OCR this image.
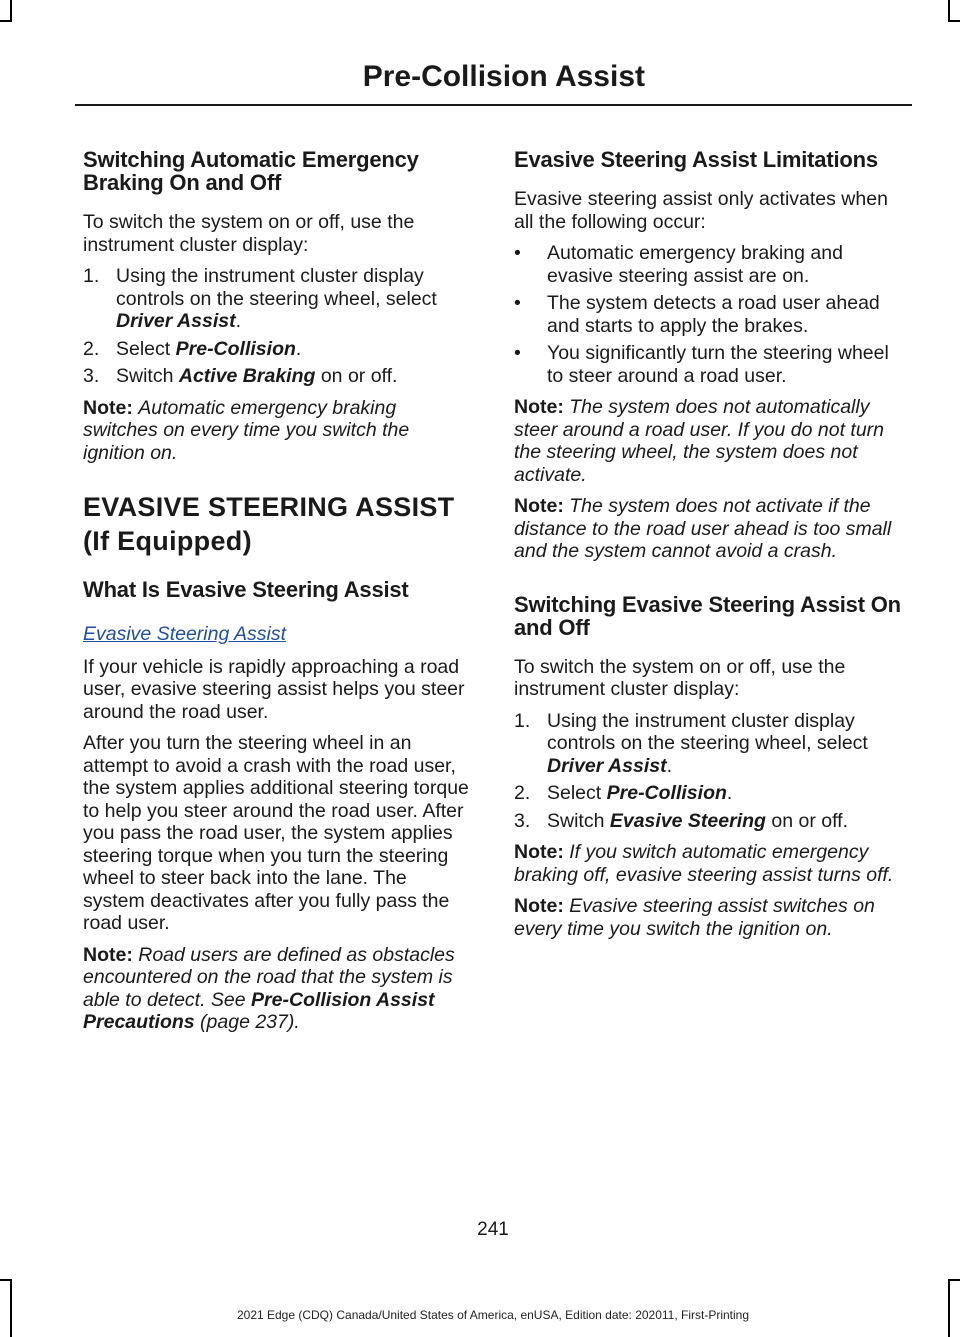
Pre-Collision Assist
Switching Automatic Emergency Braking On and Off

To switch the system on or off, use the instrument cluster display:

1. Using the instrument cluster display controls on the steering wheel, select Driver Assist.
2. Select Pre-Collision.
3. Switch Active Braking on or off.

Note: Automatic emergency braking switches on every time you switch the ignition on.

EVASIVE STEERING ASSIST
(If Equipped)
What Is Evasive Steering Assist

Evasive Steering Assist

If your vehicle is rapidly approaching a road user, evasive steering assist helps you steer around the road user.

After you turn the steering wheel in an attempt to avoid a crash with the road user, the system applies additional steering torque to help you steer around the road user. After you pass the road user, the system applies steering torque when you turn the steering wheel to steer back into the lane. The system deactivates after you fully pass the road user.

Note: Road users are defined as obstacles encountered on the road that the system is able to detect. See Pre-Collision Assist Precautions (page 237).

Evasive Steering Assist Limitations

Evasive steering assist only activates when all the following occur:

• Automatic emergency braking and evasive steering assist are on.
• The system detects a road user ahead and starts to apply the brakes.
• You significantly turn the steering wheel to steer around a road user.

Note: The system does not automatically steer around a road user. If you do not turn the steering wheel, the system does not activate.

Note: The system does not activate if the distance to the road user ahead is too small and the system cannot avoid a crash.

Switching Evasive Steering Assist On and Off

To switch the system on or off, use the instrument cluster display:

1. Using the instrument cluster display controls on the steering wheel, select Driver Assist.
2. Select Pre-Collision.
3. Switch Evasive Steering on or off.

Note: If you switch automatic emergency braking off, evasive steering assist turns off.

Note: Evasive steering assist switches on every time you switch the ignition on.

241
2021 Edge (CDQ) Canada/United States of America, enUSA, Edition date: 202011, First-Printing
